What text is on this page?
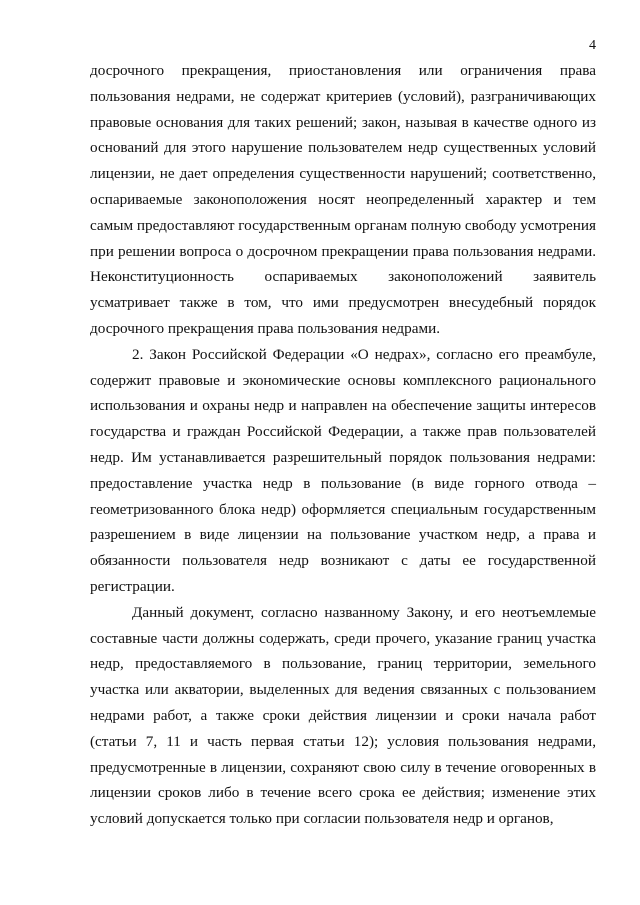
4

досрочного прекращения, приостановления или ограничения права пользования недрами, не содержат критериев (условий), разграничивающих правовые основания для таких решений; закон, называя в качестве одного из оснований для этого нарушение пользователем недр существенных условий лицензии, не дает определения существенности нарушений; соответственно, оспариваемые законоположения носят неопределенный характер и тем самым предоставляют государственным органам полную свободу усмотрения при решении вопроса о досрочном прекращении права пользования недрами. Неконституционность оспариваемых законоположений заявитель усматривает также в том, что ими предусмотрен внесудебный порядок досрочного прекращения права пользования недрами.

2. Закон Российской Федерации «О недрах», согласно его преамбуле, содержит правовые и экономические основы комплексного рационального использования и охраны недр и направлен на обеспечение защиты интересов государства и граждан Российской Федерации, а также прав пользователей недр. Им устанавливается разрешительный порядок пользования недрами: предоставление участка недр в пользование (в виде горного отвода – геометризованного блока недр) оформляется специальным государственным разрешением в виде лицензии на пользование участком недр, а права и обязанности пользователя недр возникают с даты ее государственной регистрации.

Данный документ, согласно названному Закону, и его неотъемлемые составные части должны содержать, среди прочего, указание границ участка недр, предоставляемого в пользование, границ территории, земельного участка или акватории, выделенных для ведения связанных с пользованием недрами работ, а также сроки действия лицензии и сроки начала работ (статьи 7, 11 и часть первая статьи 12); условия пользования недрами, предусмотренные в лицензии, сохраняют свою силу в течение оговоренных в лицензии сроков либо в течение всего срока ее действия; изменение этих условий допускается только при согласии пользователя недр и органов,
